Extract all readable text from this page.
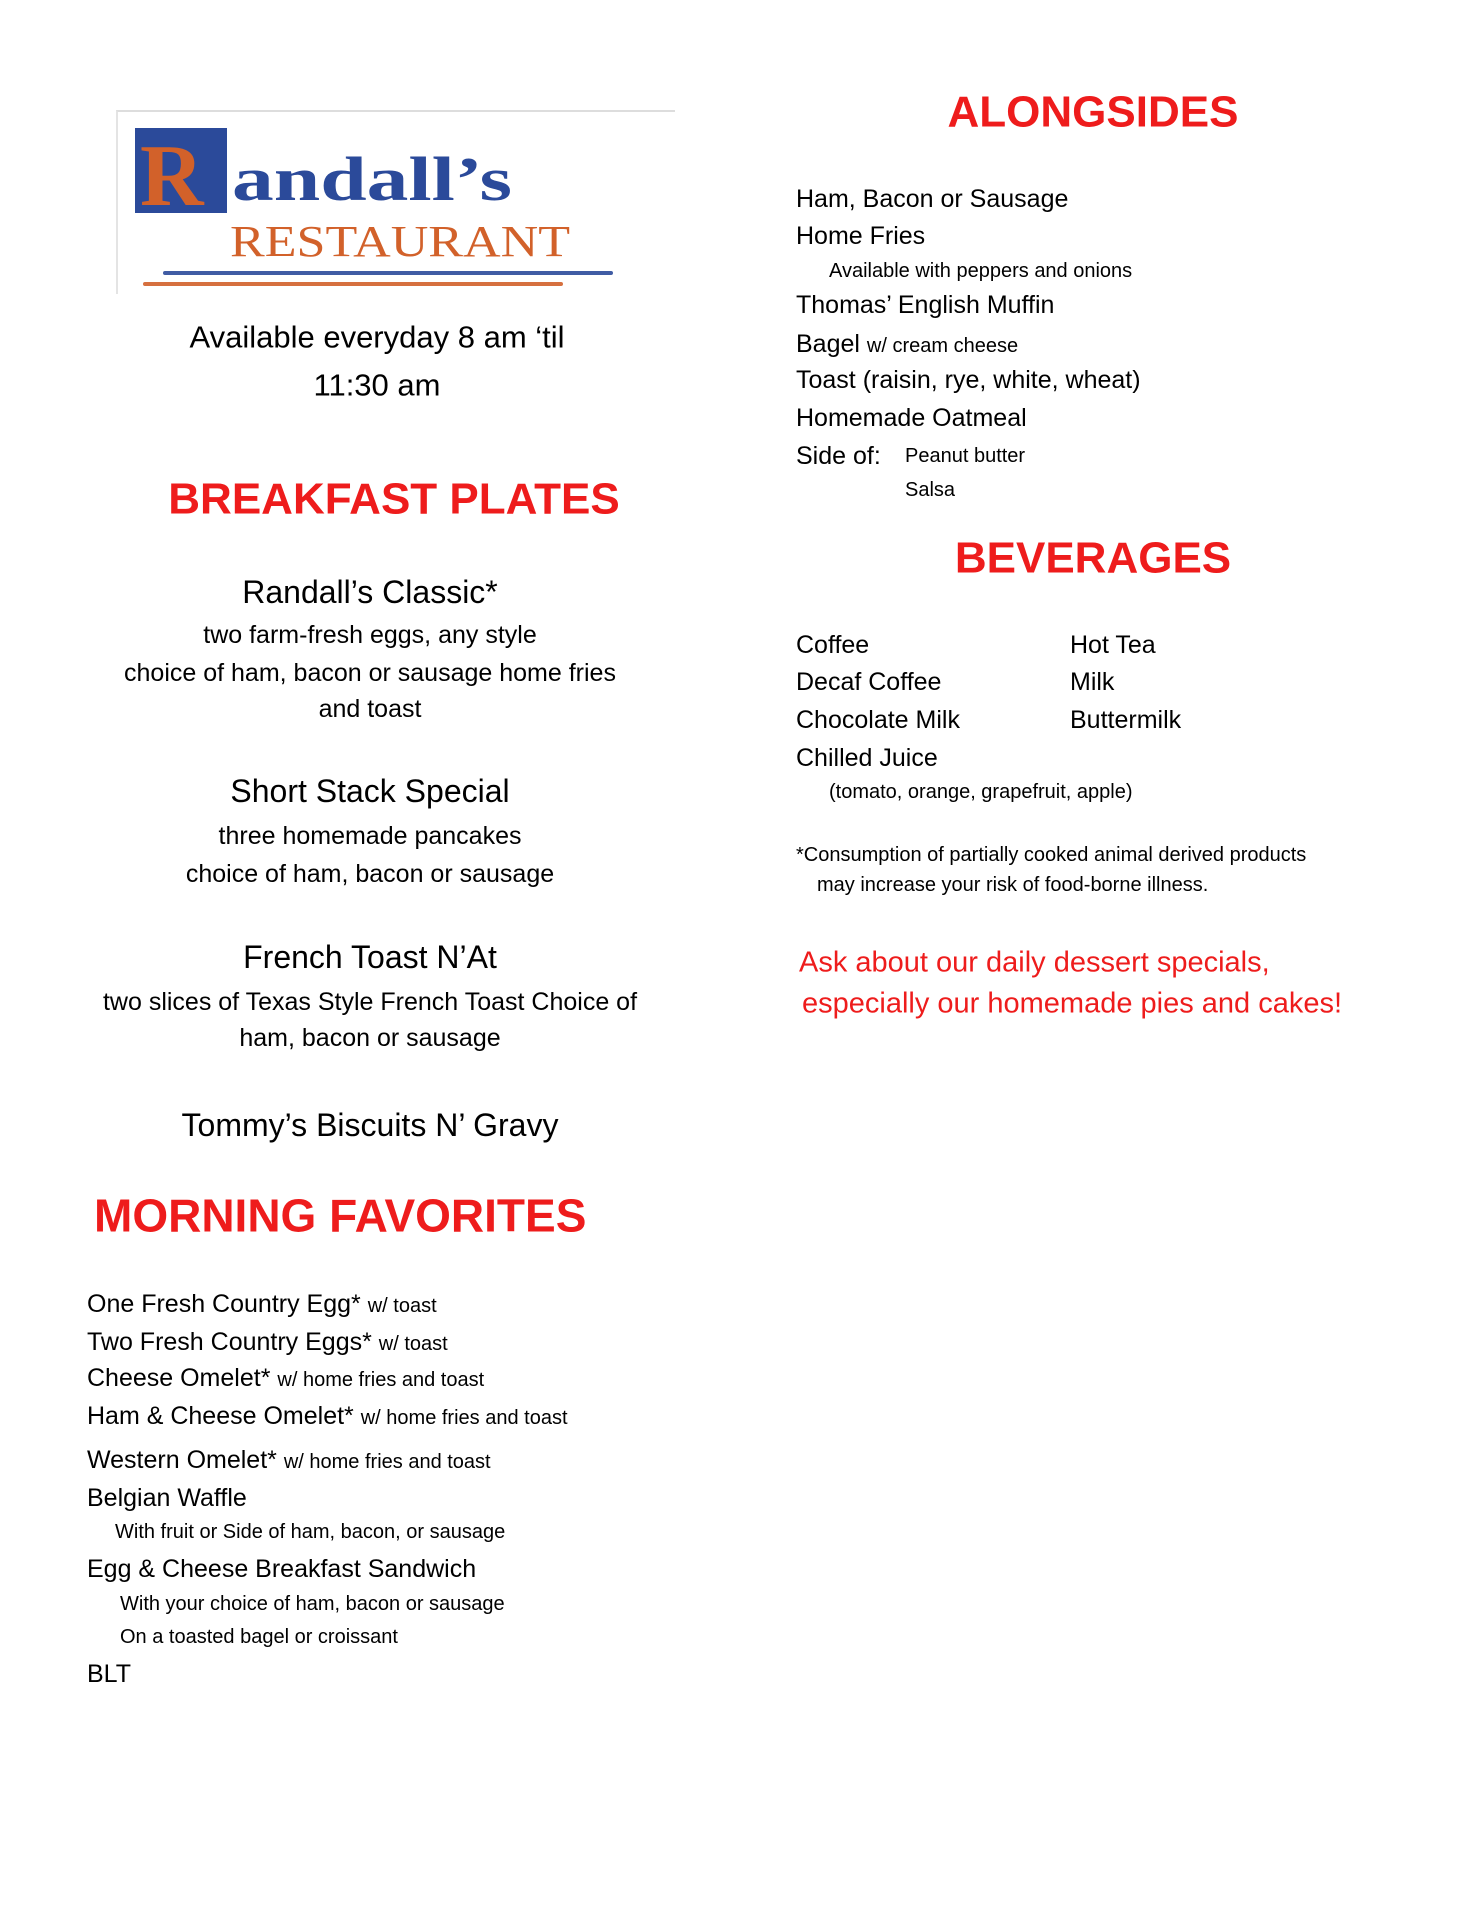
R andall’s
RESTAURANT
Available everyday 8 am ‘til
11:30 am
BREAKFAST PLATES
Randall’s Classic*
two farm-fresh eggs, any style
choice of ham, bacon or sausage home fries
and toast
Short Stack Special
three homemade pancakes
choice of ham, bacon or sausage
French Toast N’At
two slices of Texas Style French Toast Choice of
ham, bacon or sausage
Tommy’s Biscuits N’ Gravy
MORNING FAVORITES
One Fresh Country Egg* w/ toast
Two Fresh Country Eggs* w/ toast
Cheese Omelet* w/ home fries and toast
Ham & Cheese Omelet* w/ home fries and toast
Western Omelet* w/ home fries and toast
Belgian Waffle
With fruit or Side of ham, bacon, or sausage
Egg & Cheese Breakfast Sandwich
With your choice of ham, bacon or sausage
On a toasted bagel or croissant
BLT
ALONGSIDES
Ham, Bacon or Sausage
Home Fries
Available with peppers and onions
Thomas’ English Muffin
Bagel w/ cream cheese
Toast (raisin, rye, white, wheat)
Homemade Oatmeal
Side of: Peanut butter
Salsa
BEVERAGES
Coffee
Decaf Coffee
Chocolate Milk
Chilled Juice
Hot Tea
Milk
Buttermilk
(tomato, orange, grapefruit, apple)
*Consumption of partially cooked animal derived products
may increase your risk of food-borne illness.
Ask about our daily dessert specials,
especially our homemade pies and cakes!
